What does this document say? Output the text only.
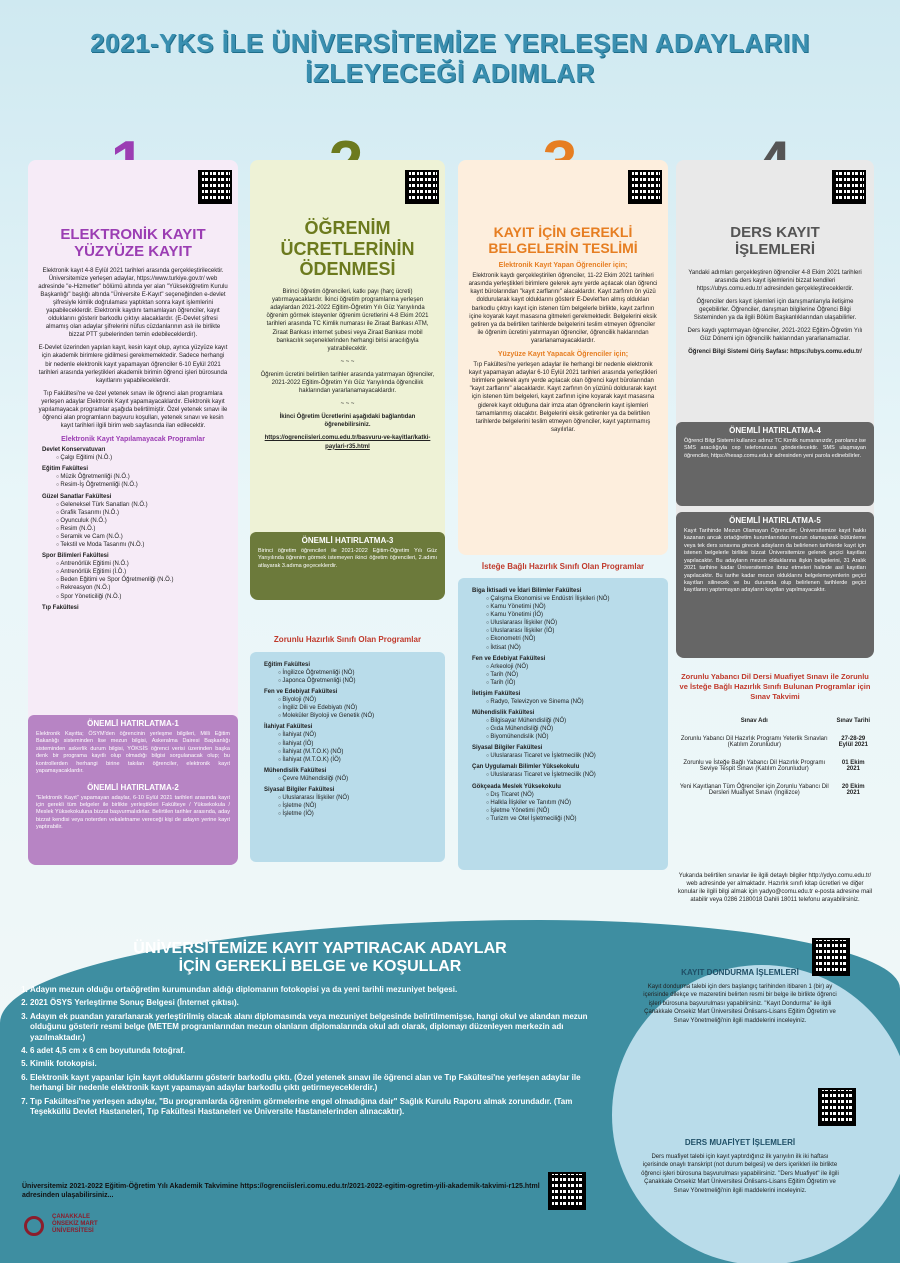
2021-YKS İLE ÜNİVERSİTEMİZE YERLEŞEN ADAYLARIN
İZLEYECEĞİ ADIMLAR
ELEKTRONİK KAYIT YÜZYÜZE KAYIT

Elektronik kayıt 4-8 Eylül 2021 tarihleri arasında gerçekleştirilecektir. Üniversitemize yerleşen adaylar, https://www.turkiye.gov.tr/ web adresinde "e-Hizmetler" bölümü altında yer alan "Yükseköğretim Kurulu Başkanlığı" başlığı altında "Üniversite E-Kayıt" seçeneğinden e-devlet şifresiyle kimlik doğrulaması yaptıktan sonra kayıt işlemlerini yapabileceklerdir. Elektronik kaydını tamamlayan öğrenciler, kayıt olduklarını gösterir barkodlu çıktıyı alacaklardır. (E-Devlet şifresi almamış olan adaylar şifrelerini nüfus cüzdanlarının aslı ile birlikte bizzat PTT şubelerinden temin edebileceklerdir).

E-Devlet üzerinden yapılan kayıt, kesin kayıt olup, ayrıca yüzyüze kayıt için akademik birimlere gidilmesi gerekmemektedir. Sadece herhangi bir nedenle elektronik kayıt yapamayan öğrenciler 6-10 Eylül 2021 tarihleri arasında yerleştikleri akademik birimin öğrenci işleri bürosunda kayıtlarını yapabileceklerdir.

Tıp Fakültesi'ne ve özel yetenek sınavı ile öğrenci alan programlara yerleşen adaylar Elektronik Kayıt yapamayacaklardır. Elektronik kayıt yapılamayacak programlar aşağıda belirtilmiştir. Özel yetenek sınavı ile öğrenci alan programların başvuru koşulları, yetenek sınavı ve kesin kayıt tarihleri ilgili birim web sayfasında ilan edilecektir.

Elektronik Kayıt Yapılamayacak Programlar
Devlet Konservatuvarı
○ Çalgı Eğitimi (N.Ö.)
Eğitim Fakültesi
○ Müzik Öğretmenliği (N.Ö.)
○ Resim-İş Öğretmenliği (N.Ö.)
Güzel Sanatlar Fakültesi
○ Geleneksel Türk Sanatları (N.Ö.)
○ Grafik Tasarımı (N.Ö.)
○ Oyunculuk (N.Ö.)
○ Resim (N.Ö.)
○ Seramik ve Cam (N.Ö.)
○ Tekstil ve Moda Tasarımı (N.Ö.)
Spor Bilimleri Fakültesi
○ Antrenörlük Eğitimi (N.Ö.)
○ Antrenörlük Eğitimi (İ.Ö.)
○ Beden Eğitimi ve Spor Öğretmenliği (N.Ö.)
○ Rekreasyon (N.Ö.)
○ Spor Yöneticiliği (N.Ö.)
Tıp Fakültesi
ÖNEMLİ HATIRLATMA-1
Elektronik Kayıtta; ÖSYM'den öğrencinin yerleşme bilgileri, Milli Eğitim Bakanlığı sisteminden lise mezun bilgisi, Askeralma Dairesi Başkanlığı sisteminden askerlik durum bilgisi, YÖKSİS öğrenci verisi üzerinden başka denk bir programa kayıtlı olup olmadığı bilgisi sorgulanacak olup; bu kontrollerden herhangi birine takılan öğrenciler, elektronik kayıt yapamayacaklardır.
ÖNEMLİ HATIRLATMA-2
"Elektronik Kayıt" yapamayan adaylar, 6-10 Eylül 2021 tarihleri arasında kayıt için gerekli tüm belgeler ile birlikte yerleştikleri Fakülteye / Yüksekokula / Meslek Yüksekokuluna bizzat başvurmalıdırlar. Belirtilen tarihler arasında, aday bizzat kendisi veya noterden vekaletname vereceği kişi de adayın yerine kayıt yaptırabilir.
ÖĞRENİM ÜCRETLERİNİN ÖDENMESİ

Birinci öğretim öğrencileri, katkı payı (harç ücreti) yatırmayacaklardır. İkinci öğretim programlarına yerleşen adaylardan 2021-2022 Eğitim-Öğretim Yılı Güz Yarıyılında öğrenim görmek isteyenler öğrenim ücretlerini 4-8 Ekim 2021 tarihleri arasında TC Kimlik numarası ile Ziraat Bankası ATM, Ziraat Bankası internet şubesi veya Ziraat Bankası mobil bankacılık seçeneklerinden herhangi birisi aracılığıyla yatırabilecektir.

~ ~ ~

Öğrenim ücretini belirtilen tarihler arasında yatırmayan öğrenciler, 2021-2022 Eğitim-Öğretim Yılı Güz Yarıyılında öğrenciliık haklarından yararlanamayacaklardır.

~ ~ ~

İkinci Öğretim Ücretlerini aşağıdaki bağlantıdan öğrenebilirsiniz.

https://ogrenciisleri.comu.edu.tr/basvuru-ve-kayitlar/katki-paylari-r35.html

ÖNEMLİ HATIRLATMA-3
Birinci öğretim öğrencileri ile 2021-2022 Eğitim-Öğretim Yılı Güz Yarıyılında öğrenim görmek istemeyen ikinci öğretim öğrencileri, 2.adımı atlayarak 3.adıma geçeceklerdir.
Zorunlu Hazırlık Sınıfı Olan Programlar
Eğitim Fakültesi
○ İngilizce Öğretmenliği (NÖ)
○ Japonca Öğretmenliği (NÖ)
Fen ve Edebiyat Fakültesi
○ Biyoloji (NÖ)
○ İngiliz Dili ve Edebiyatı (NÖ)
○ Moleküler Biyoloji ve Genetik (NÖ)
İlahiyat Fakültesi
○ İlahiyat (NÖ)
○ İlahiyat (İÖ)
○ İlahiyat (M.T.O.K) (NÖ)
○ İlahiyat (M.T.O.K) (İÖ)
Mühendislik Fakültesi
○ Çevre Mühendisliği (NÖ)
Siyasal Bilgiler Fakültesi
○ Uluslararası İlişkiler (NÖ)
○ İşletme (NÖ)
○ İşletme (İÖ)
KAYIT İÇİN GEREKLİ BELGELERİN TESLİMİ
Elektronik Kayıt Yapan Öğrenciler için;

Elektronik kaydı gerçekleştirilen öğrenciler, 11-22 Ekim 2021 tarihleri arasında yerleştikleri birimlere gelerek aynı yerde açılacak olan öğrenci kayıt bürolarından "kayıt zarflarını" alacaklardır. Kayıt zarfının ön yüzü doldurularak kayıt olduklarını gösterir E-Devlet'ten almış oldukları barkodlu çıktıyı kayıt için istenen tüm belgelerle birlikte, kayıt zarfının içine koyarak kayıt masasına gitmeleri gerekmektedir. Belgelerini eksik getiren ya da belirtilen tarihlerde belgelerini teslim etmeyen öğrenciler ile öğrenim ücretini yatırmayan öğrenciler, öğrencilik haklarından yararlanamayacaklardır.

Yüzyüze Kayıt Yapacak Öğrenciler için;

Tıp Fakültesi'ne yerleşen adaylar ile herhangi bir nedenle elektronik kayıt yapamayan adaylar 6-10 Eylül 2021 tarihleri arasında yerleştikleri birimlere gelerek aynı yerde açılacak olan öğrenci kayıt bürolarından "kayıt zarflarını" alacaklardır. Kayıt zarfının ön yüzünü doldurarak kayıt için istenen tüm belgeleri, kayıt zarfının içine koyarak kayıt masasına giderek kayıt olduğuna dair imza atan öğrencilerin kayıt işlemleri tamamlanmış olacaktır. Belgelerini eksik getirenler ya da belirtilen tarihlerde belgelerini teslim etmeyen öğrenciler, kayıt yaptırmamış sayılırlar.

İsteğe Bağlı Hazırlık Sınıfı Olan Programlar
Biga İktisadi ve İdari Bilimler Fakültesi
○ Çalışma Ekonomisi ve Endüstri İlişkileri (NÖ)
○ Kamu Yönetimi (NÖ)
○ Kamu Yönetimi (İÖ)
○ Uluslararası İlişkiler (NÖ)
○ Uluslararası İlişkiler (İÖ)
○ Ekonometri (NÖ)
○ İktisat (NÖ)
Fen ve Edebiyat Fakültesi
○ Arkeoloji (NÖ)
○ Tarih (NÖ)
○ Tarih (İÖ)
İletişim Fakültesi
○ Radyo, Televizyon ve Sinema (NÖ)
Mühendislik Fakültesi
○ Bilgisayar Mühendisliği (NÖ)
○ Gıda Mühendisliği (NÖ)
○ Biyomühendislik (NÖ)
Siyasal Bilgiler Fakültesi
○ Uluslararası Ticaret ve İşletmecilik (NÖ)
Çan Uygulamalı Bilimler Yüksekokulu
○ Uluslararası Ticaret ve İşletmecilik (NÖ)
Gökçeada Meslek Yüksekokulu
○ Dış Ticaret (NÖ)
○ Halkla İlişkiler ve Tanıtım (NÖ)
○ İşletme Yönetimi (NÖ)
○ Turizm ve Otel İşletmeciliği (NÖ)
DERS KAYIT İŞLEMLERİ

Yandaki adımları gerçekleştiren öğrenciler 4-8 Ekim 2021 tarihleri arasında ders kayıt işlemlerini bizzat kendileri https://ubys.comu.edu.tr/ adresinden gerçekleştireceklerdir.

Öğrenciler ders kayıt işlemleri için danışmanlarıyla iletişime geçebilirler. Öğrenciler, danışman bilgilerine Öğrenci Bilgi Sisteminden ya da ilgili Bölüm Başkanlıklarından ulaşabilirler.

Ders kaydı yaptırmayan öğrenciler, 2021-2022 Eğitim-Öğretim Yılı Güz Dönemi için öğrencilik haklarından yararlanamazlar.

Öğrenci Bilgi Sistemi Giriş Sayfası: https://ubys.comu.edu.tr/

ÖNEMLİ HATIRLATMA-4
Öğrenci Bilgi Sistemi kullanıcı adınız TC Kimlik numaranızdır, parolanız ise SMS aracılığıyla cep telefonunuza gönderilecektir. SMS ulaşmayan öğrenciler, https://hesap.comu.edu.tr adresinden yeni parola edinebilirler.
ÖNEMLİ HATIRLATMA-5
Kayıt Tarihinde Mezun Olamayan Öğrenciler; Üniversitemize kayıt hakkı kazanan ancak ortaöğretim kurumlarından mezun olamayarak bütünleme veya tek ders sınavına girecek adayların da belirlenen tarihlerde kayıt için istenen belgelerle birlikte bizzat Üniversitemize gelerek geçici kayıtları yapılacaktır. Bu adayların mezun olduklarına ilişkin belgelerini, 31 Aralık 2021 tarihine kadar Üniversitemize ibraz etmeleri halinde asıl kayıtları yapılacaktır. Bu tarihe kadar mezun olduklarını belgelemeyenlerin geçici kayıtları silinecek ve bu durumda olup belirlenen tarihlerde geçici kayıtlarını yaptırmayan adayların kayıtları yapılmayacaktır.
Zorunlu Yabancı Dil Dersi Muafiyet Sınavı ile Zorunlu ve İsteğe Bağlı Hazırlık Sınıfı Bulunan Programlar için Sınav Takvimi
Sınav Adı	Sınav Tarihi
Zorunlu Yabancı Dil Hazırlık Programı Yeterlik Sınavları (Katılım Zorunludur)	27-28-29 Eylül 2021
Zorunlu ve İsteğe Bağlı Yabancı Dil Hazırlık Programı Seviye Tespit Sınavı (Katılım Zorunludur)	01 Ekim 2021
Yeni Kayıtlanan Tüm Öğrenciler için Zorunlu Yabancı Dil Dersleri Muafiyet Sınavı (İngilizce)	20 Ekim 2021
Yukarıda belirtilen sınavlar ile ilgili detaylı bilgiler http://ydyo.comu.edu.tr/ web adresinde yer almaktadır. Hazırlık sınıfı kitap ücretleri ve diğer konular ile ilgili bilgi almak için yadyo@comu.edu.tr e-posta adresine mail atabilir veya 0286 2180018 Dahili 18011 telefonu arayabilirsiniz.
ÜNİVERSİTEMİZE KAYIT YAPTIRACAK ADAYLAR
İÇİN GEREKLİ BELGE ve KOŞULLAR
1. Adayın mezun olduğu ortaöğretim kurumundan aldığı diplomanın fotokopisi ya da yeni tarihli mezuniyet belgesi.
2. 2021 ÖSYS Yerleştirme Sonuç Belgesi (İnternet çıktısı).
3. Adayın ek puandan yararlanarak yerleştirilmiş olacak alanı diplomasında veya mezuniyet belgesinde belirtilmemişse, hangi okul ve alandan mezun olduğunu gösterir resmi belge (METEM programlarından mezun olanların diplomalarında okul adı olarak, diplomayı düzenleyen merkezin adı yazılmaktadır.)
4. 6 adet 4,5 cm x 6 cm boyutunda fotoğraf.
5. Kimlik fotokopisi.
6. Elektronik kayıt yapanlar için kayıt olduklarını gösterir barkodlu çıktı. (Özel yetenek sınavı ile öğrenci alan ve Tıp Fakültesi'ne yerleşen adaylar ile herhangi bir nedenle elektronik kayıt yapamayan adaylar barkodlu çıktı getirmeyeceklerdir.)
7. Tıp Fakültesi'ne yerleşen adaylar, "Bu programlarda öğrenim görmelerine engel olmadığına dair" Sağlık Kurulu Raporu almak zorundadır. (Tam Teşekküllü Devlet Hastaneleri, Tıp Fakültesi Hastaneleri ve Üniversite Hastanelerinden alınacaktır).
Üniversitemiz 2021-2022 Eğitim-Öğretim Yılı Akademik Takvimine https://ogrenciisleri.comu.edu.tr/2021-2022-egitim-ogretim-yili-akademik-takvimi-r125.html adresinden ulaşabilirsiniz...
ÇANAKKALE
ONSEKİZ MART
ÜNİVERSİTESİ
KAYIT DONDURMA İŞLEMLERİ
Kayıt dondurma talebi için ders başlangıç tarihinden itibaren 1 (bir) ay içerisinde dilekçe ve mazeretini belirten resmi bir belge ile birlikte öğrenci işleri bürosuna başvurulması yapabilirsiniz. "Kayıt Dondurma" ile ilgili Çanakkale Onsekiz Mart Üniversitesi Önlisans-Lisans Eğitim Öğretim ve Sınav Yönetmeliği'nin ilgili maddelerini inceleyiniz.
DERS MUAFİYET İŞLEMLERİ
Ders muafiyet talebi için kayıt yaptırdığınız ilk yarıyılın ilk iki haftası içerisinde onaylı transkript (not durum belgesi) ve ders içerikleri ile birlikte öğrenci işleri bürosuna başvurulması yapabilirsiniz. "Ders Muafiyet" ile ilgili Çanakkale Onsekiz Mart Üniversitesi Önlisans-Lisans Eğitim Öğretim ve Sınav Yönetmeliği'nin ilgili maddelerini inceleyiniz.
